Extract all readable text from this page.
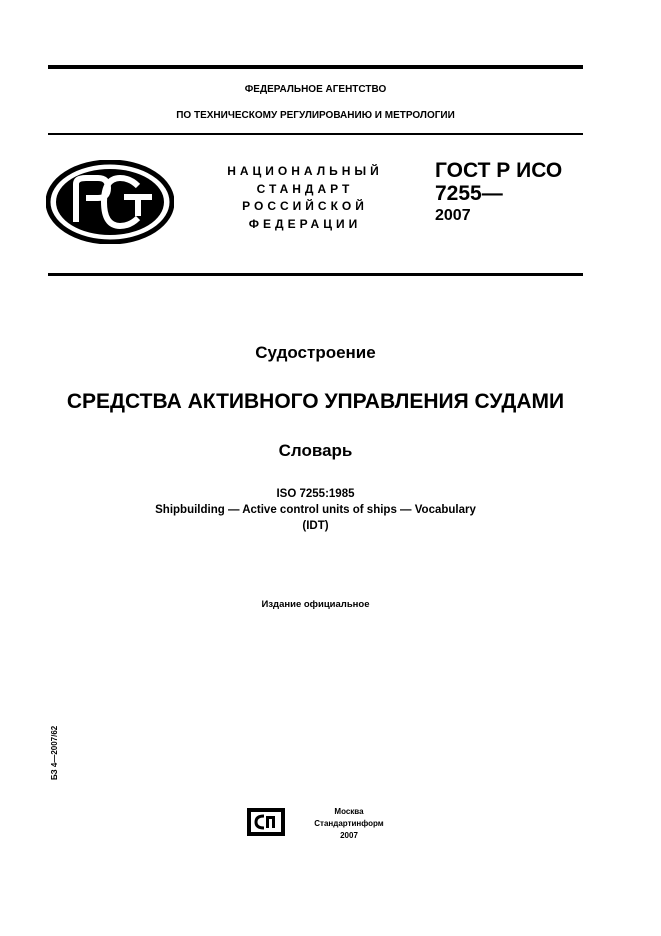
ФЕДЕРАЛЬНОЕ АГЕНТСТВО
ПО ТЕХНИЧЕСКОМУ РЕГУЛИРОВАНИЮ И МЕТРОЛОГИИ
НАЦИОНАЛЬНЫЙ
СТАНДАРТ
РОССИЙСКОЙ
ФЕДЕРАЦИИ
ГОСТ Р ИСО
7255—
2007
Судостроение
СРЕДСТВА АКТИВНОГО УПРАВЛЕНИЯ СУДАМИ
Словарь
ISO 7255:1985
Shipbuilding — Active control units of ships — Vocabulary
(IDT)
Издание официальное
БЗ 4—2007/62
Москва
Стандартинформ
2007
